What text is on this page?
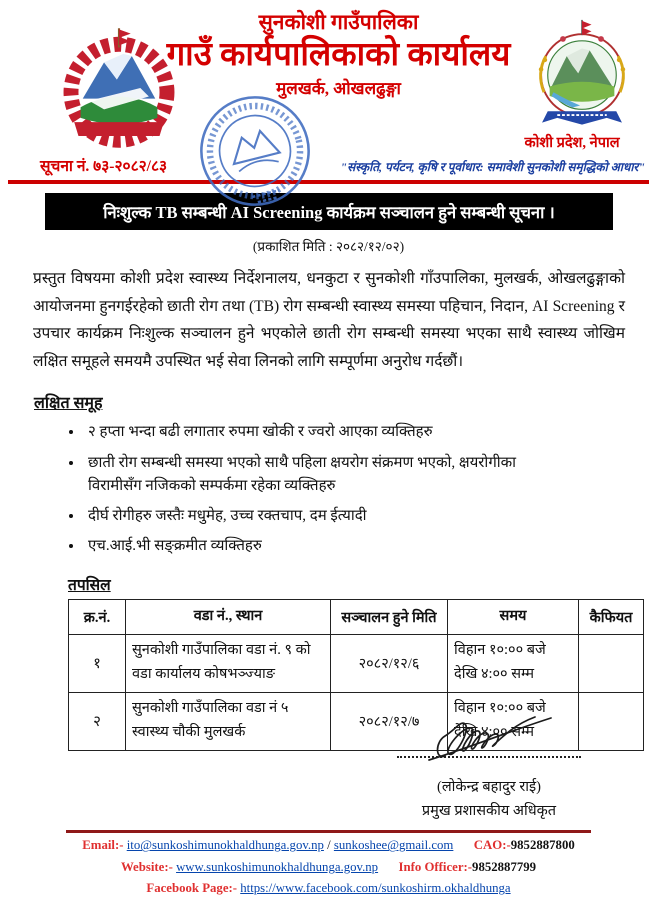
सुनकोशी गाउँपालिका
गाउँ कार्यपालिकाको कार्यालय
मुलखर्क, ओखलढुङ्गा
कोशी प्रदेश, नेपाल
सूचना नं. ७३-२०८२/८३	"संस्कृति, पर्यटन, कृषि र पूर्वाधार: समावेशी सुनकोशी समृद्धिको आधार"
निःशुल्क TB सम्बन्धी AI Screening कार्यक्रम सञ्चालन हुने सम्बन्धी सूचना ।
(प्रकाशित मिति : २०८२/१२/०२)

प्रस्तुत विषयमा कोशी प्रदेश स्वास्थ्य निर्देशनालय, धनकुटा र सुनकोशी गाँउपालिका, मुलखर्क, ओखलढुङ्गाको आयोजनमा हुनगईरहेको छाती रोग तथा (TB) रोग सम्बन्धी स्वास्थ्य समस्या पहिचान, निदान, AI Screening र उपचार कार्यक्रम निःशुल्क सञ्चालन हुने भएकोले छाती रोग सम्बन्धी समस्या भएका साथै स्वास्थ्य जोखिम लक्षित समूहले समयमै उपस्थित भई सेवा लिनको लागि सम्पूर्णमा अनुरोध गर्दछौं।

लक्षित समूह
• २ हप्ता भन्दा बढी लगातार रुपमा खोकी र ज्वरो आएका व्यक्तिहरु
• छाती रोग सम्बन्धी समस्या भएको साथै पहिला क्षयरोग संक्रमण भएको, क्षयरोगीका विरामीसँग नजिकको सम्पर्कमा रहेका व्यक्तिहरु
• दीर्घ रोगीहरु जस्तैः मधुमेह, उच्च रक्तचाप, दम ईत्यादी
• एच.आई.भी सङ्क्रमीत व्यक्तिहरु
तपसिल
क्र.नं.	वडा नं., स्थान	सञ्चालन हुने मिति	समय	कैफियत
१	सुनकोशी गाउँपालिका वडा नं. ९ को वडा कार्यालय कोषभञ्ज्याङ	२०८२/१२/६	विहान १०:०० बजे देखि ४:०० सम्म	
२	सुनकोशी गाउँपालिका वडा नं ५ स्वास्थ्य चौकी मुलखर्क	२०८२/१२/७	विहान १०:०० बजे देखि ४:०० सम्म	
(लोकेन्द्र बहादुर राई)
प्रमुख प्रशासकीय अधिकृत
Email:- ito@sunkoshimunokhaldhunga.gov.np / sunkoshee@gmail.com CAO:-9852887800
Website:- www.sunkoshimunokhaldhunga.gov.np Info Officer:-9852887799
Facebook Page:- https://www.facebook.com/sunkoshirm.okhaldhunga
